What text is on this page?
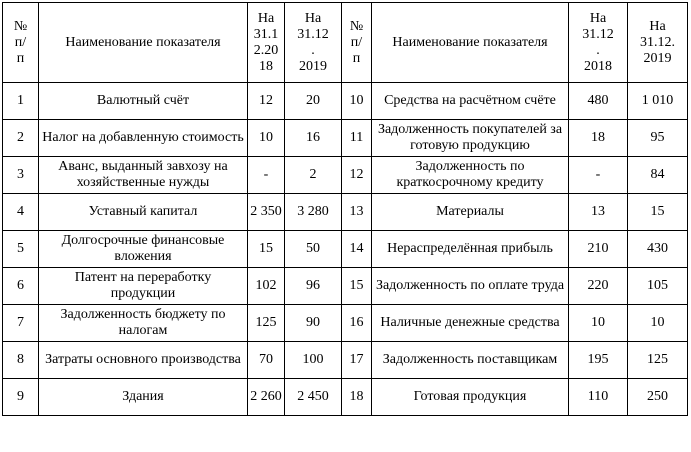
№
п/
п	Наименование показателя	На
31.1
2.20
18	На
31.12
.
2019	№
п/
п	Наименование показателя	На
31.12
.
2018	На
31.12.
2019
1	Валютный счёт	12	20	10	Средства на расчётном счёте	480	1 010
2	Налог на добавленную стоимость	10	16	11	Задолженность покупателей за готовую продукцию	18	95
3	Аванс, выданный завхозу на хозяйственные нужды	-	2	12	Задолженность по краткосрочному кредиту	-	84
4	Уставный капитал	2 350	3 280	13	Материалы	13	15
5	Долгосрочные финансовые вложения	15	50	14	Нераспределённая прибыль	210	430
6	Патент на переработку продукции	102	96	15	Задолженность по оплате труда	220	105
7	Задолженность бюджету по налогам	125	90	16	Наличные денежные средства	10	10
8	Затраты основного производства	70	100	17	Задолженность поставщикам	195	125
9	Здания	2 260	2 450	18	Готовая продукция	110	250
